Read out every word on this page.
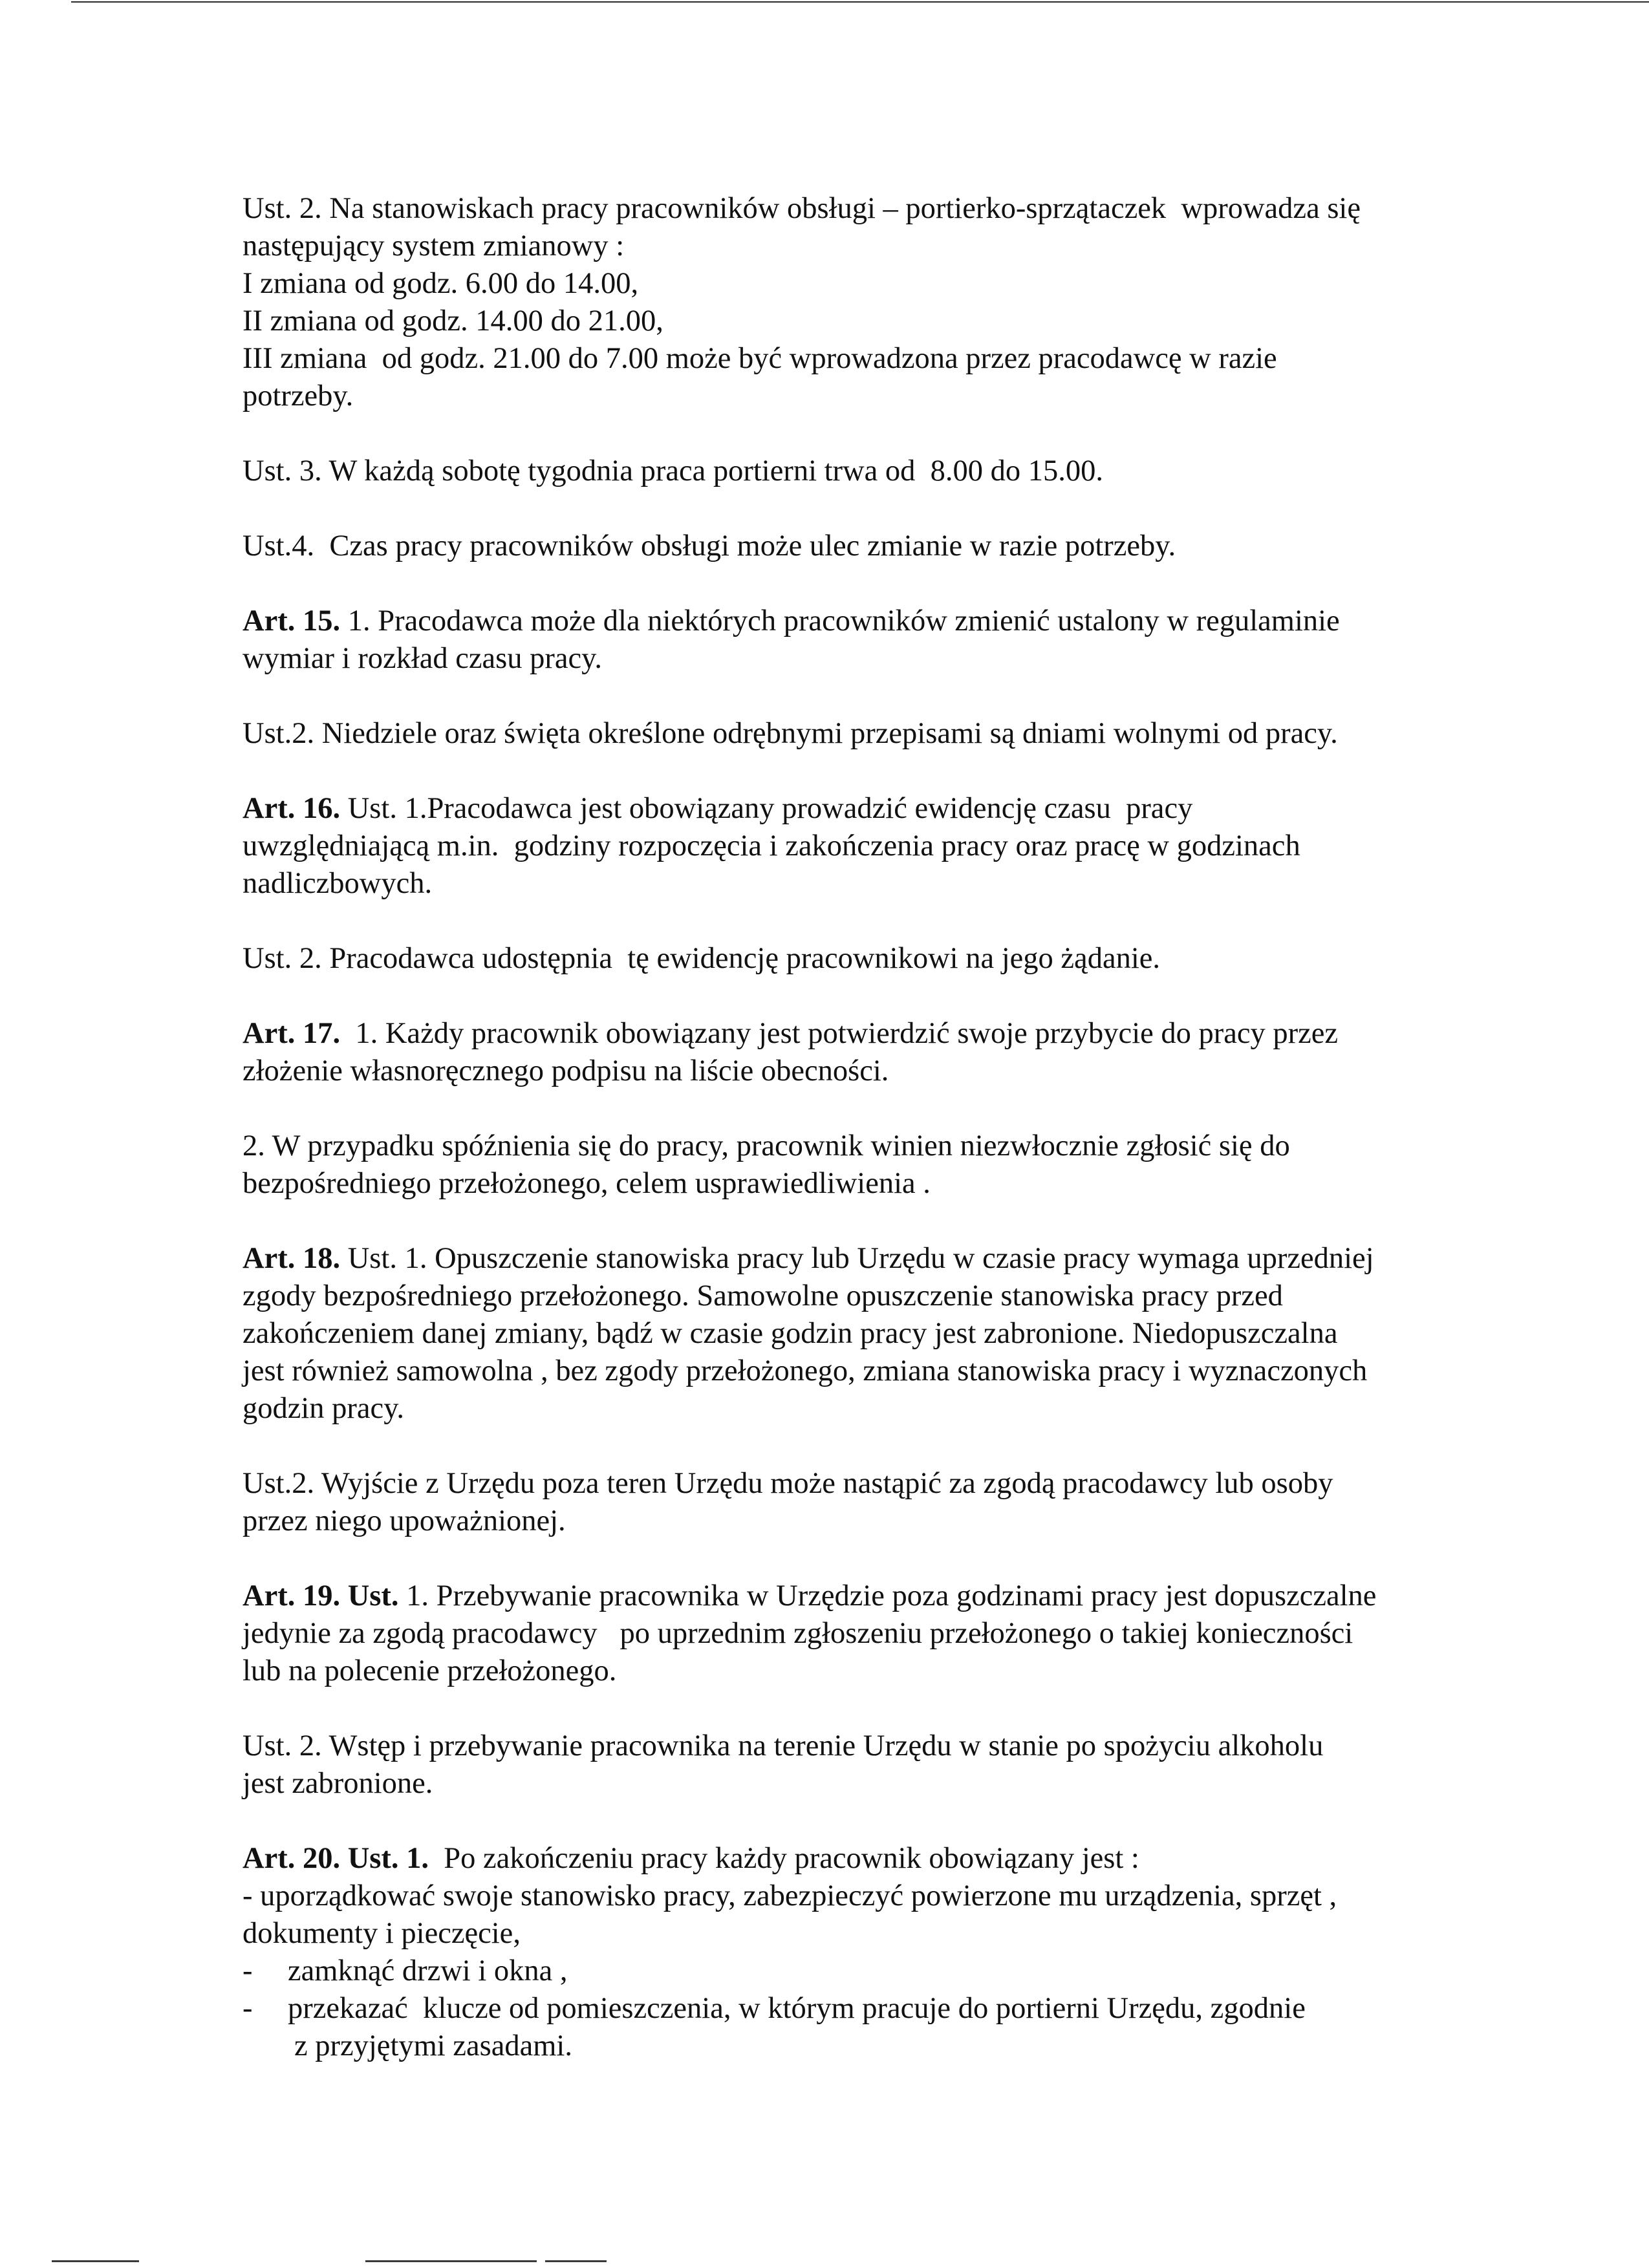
Ust. 2. Na stanowiskach pracy pracowników obsługi – portierko-sprzątaczek  wprowadza się
następujący system zmianowy :
I zmiana od godz. 6.00 do 14.00,
II zmiana od godz. 14.00 do 21.00,
III zmiana  od godz. 21.00 do 7.00 może być wprowadzona przez pracodawcę w razie
potrzeby.
Ust. 3. W każdą sobotę tygodnia praca portierni trwa od  8.00 do 15.00.
Ust.4.  Czas pracy pracowników obsługi może ulec zmianie w razie potrzeby.
Art. 15. 1. Pracodawca może dla niektórych pracowników zmienić ustalony w regulaminie
wymiar i rozkład czasu pracy.
Ust.2. Niedziele oraz święta określone odrębnymi przepisami są dniami wolnymi od pracy.
Art. 16. Ust. 1.Pracodawca jest obowiązany prowadzić ewidencję czasu  pracy
uwzględniającą m.in.  godziny rozpoczęcia i zakończenia pracy oraz pracę w godzinach
nadliczbowych.
Ust. 2. Pracodawca udostępnia  tę ewidencję pracownikowi na jego żądanie.
Art. 17.  1. Każdy pracownik obowiązany jest potwierdzić swoje przybycie do pracy przez
złożenie własnoręcznego podpisu na liście obecności.
2. W przypadku spóźnienia się do pracy, pracownik winien niezwłocznie zgłosić się do
bezpośredniego przełożonego, celem usprawiedliwienia .
Art. 18. Ust. 1. Opuszczenie stanowiska pracy lub Urzędu w czasie pracy wymaga uprzedniej
zgody bezpośredniego przełożonego. Samowolne opuszczenie stanowiska pracy przed
zakończeniem danej zmiany, bądź w czasie godzin pracy jest zabronione. Niedopuszczalna
jest również samowolna , bez zgody przełożonego, zmiana stanowiska pracy i wyznaczonych
godzin pracy.
Ust.2. Wyjście z Urzędu poza teren Urzędu może nastąpić za zgodą pracodawcy lub osoby
przez niego upoważnionej.
Art. 19. Ust. 1. Przebywanie pracownika w Urzędzie poza godzinami pracy jest dopuszczalne
jedynie za zgodą pracodawcy   po uprzednim zgłoszeniu przełożonego o takiej konieczności
lub na polecenie przełożonego.
Ust. 2. Wstęp i przebywanie pracownika na terenie Urzędu w stanie po spożyciu alkoholu
jest zabronione.
Art. 20. Ust. 1.  Po zakończeniu pracy każdy pracownik obowiązany jest :
- uporządkować swoje stanowisko pracy, zabezpieczyć powierzone mu urządzenia, sprzęt ,
dokumenty i pieczęcie,
- zamknąć drzwi i okna ,
- przekazać  klucze od pomieszczenia, w którym pracuje do portierni Urzędu, zgodnie
z przyjętymi zasadami.
